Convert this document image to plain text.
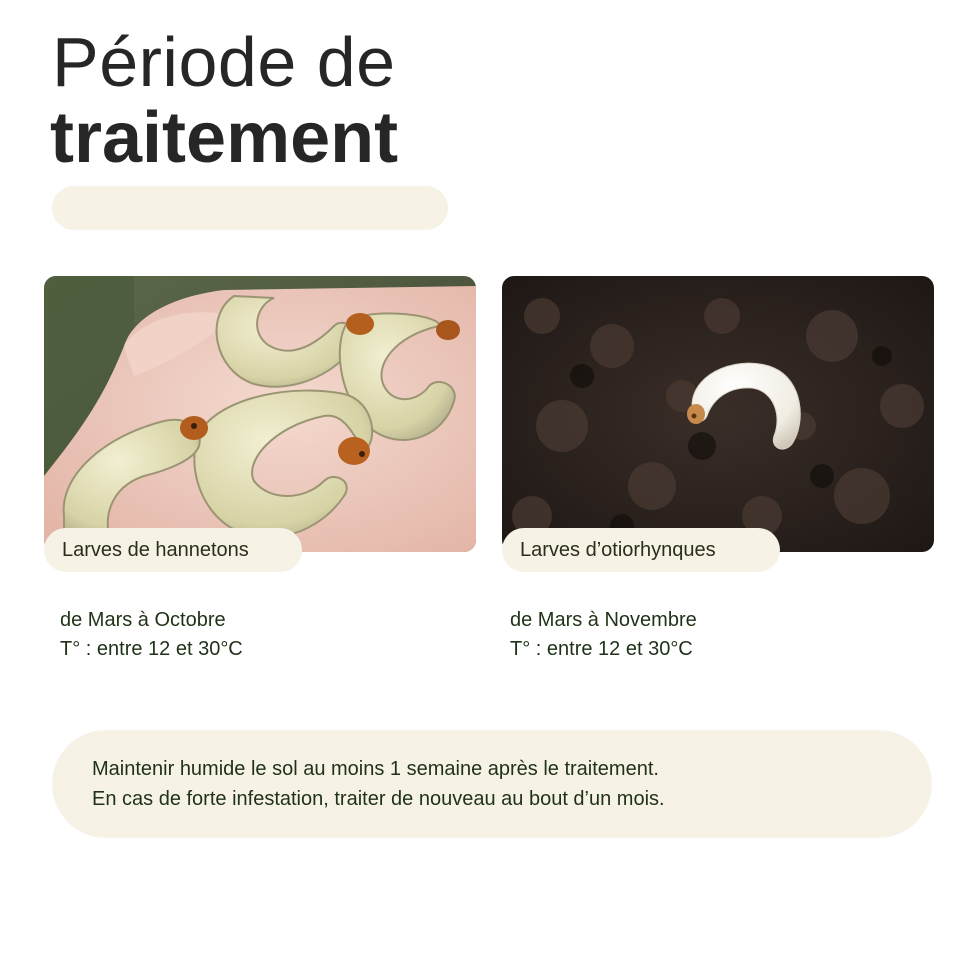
Période de
traitement
Larves de hannetons	Larves d’otiorhynques
de Mars à Octobre
T° : entre 12 et 30°C
de Mars à Novembre
T° : entre 12 et 30°C
Maintenir humide le sol au moins 1 semaine après le traitement.
En cas de forte infestation, traiter de nouveau au bout d’un mois.
